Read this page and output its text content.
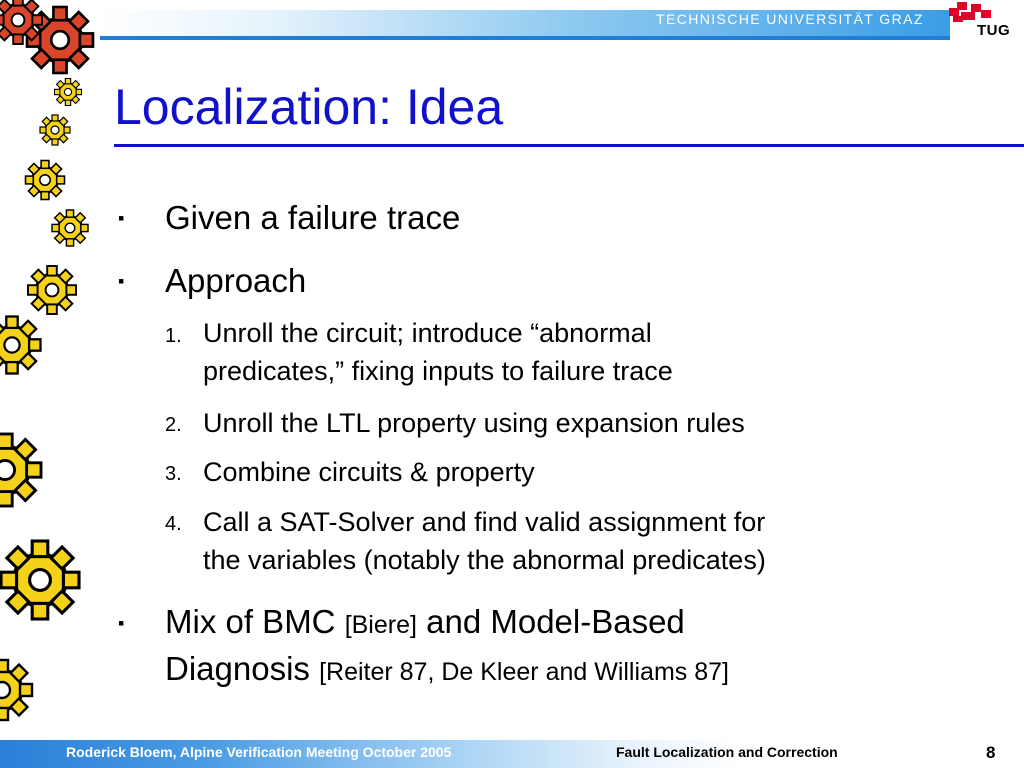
TECHNISCHE UNIVERSITÄT GRAZ
TUG
Localization: Idea
▪ Given a failure trace
▪ Approach
1. Unroll the circuit; introduce “abnormal
predicates,” fixing inputs to failure trace
2. Unroll the LTL property using expansion rules
3. Combine circuits & property
4. Call a SAT-Solver and find valid assignment for
the variables (notably the abnormal predicates)
▪ Mix of BMC [Biere] and Model-Based
Diagnosis [Reiter 87, De Kleer and Williams 87]
Roderick Bloem, Alpine Verification Meeting October 2005	Fault Localization and Correction	8
